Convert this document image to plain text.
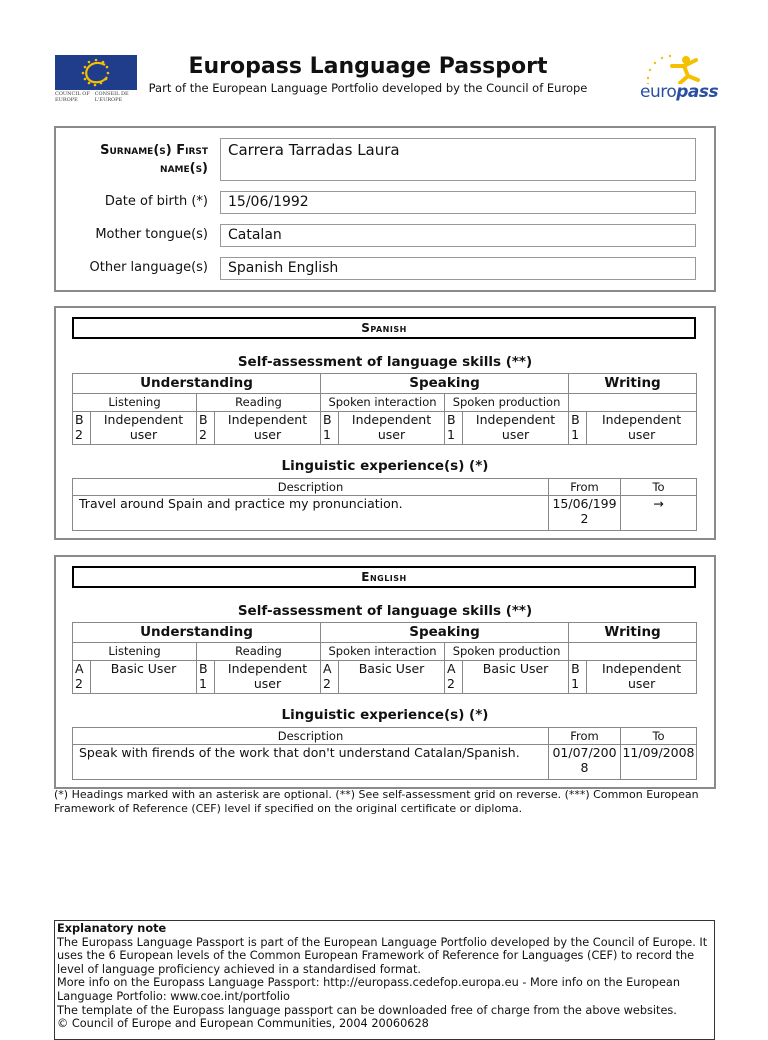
COUNCIL OF EUROPE
CONSEIL DE L'EUROPE
Europass Language Passport
Part of the European Language Portfolio developed by the Council of Europe	europass
Surname(s) First name(s)
Carrera Tarradas Laura
Date of birth (*)	15/06/1992
Mother tongue(s)	Catalan
Other language(s)	Spanish English
Spanish
Self-assessment of language skills (**)
Understanding				Speaking				Writing	
Listening		Reading		Spoken interaction		Spoken production			
B2	Independent user	B2	Independent user	B1	Independent user	B1	Independent user	B1	Independent user
Linguistic experience(s) (*)
Description	From	To
Travel around Spain and practice my pronunciation.	15/06/1992	→
English
Self-assessment of language skills (**)
Understanding				Speaking				Writing	
Listening		Reading		Spoken interaction		Spoken production			
A2	Basic User	B1	Independent user	A2	Basic User	A2	Basic User	B1	Independent user
Linguistic experience(s) (*)
Description	From	To
Speak with firends of the work that don't understand Catalan/Spanish.	01/07/2008	11/09/2008
(*) Headings marked with an asterisk are optional. (**) See self-assessment grid on reverse. (***) Common European Framework of Reference (CEF) level if specified on the original certificate or diploma.
Explanatory note
The Europass Language Passport is part of the European Language Portfolio developed by the Council of Europe. It uses the 6 European levels of the Common European Framework of Reference for Languages (CEF) to record the level of language proficiency achieved in a standardised format.
More info on the Europass Language Passport: http://europass.cedefop.europa.eu - More info on the European Language Portfolio: www.coe.int/portfolio
The template of the Europass language passport can be downloaded free of charge from the above websites.
© Council of Europe and European Communities, 2004 20060628
